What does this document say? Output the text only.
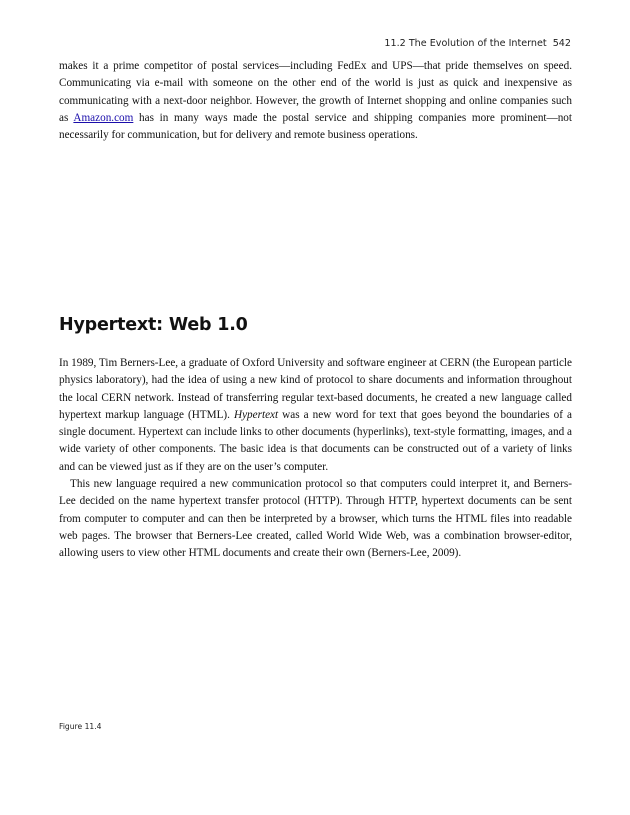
11.2 The Evolution of the Internet 542

makes it a prime competitor of postal services—including FedEx and UPS—that pride themselves on speed. Communicating via e-mail with someone on the other end of the world is just as quick and inexpensive as communicating with a next-door neighbor. However, the growth of Internet shopping and online companies such as Amazon.com has in many ways made the postal service and shipping companies more prominent—not necessarily for communication, but for delivery and remote business operations.

Hypertext: Web 1.0

In 1989, Tim Berners-Lee, a graduate of Oxford University and software engineer at CERN (the European particle physics laboratory), had the idea of using a new kind of protocol to share documents and information throughout the local CERN network. Instead of transferring regular text-based documents, he created a new language called hypertext markup language (HTML). Hypertext was a new word for text that goes beyond the boundaries of a single document. Hypertext can include links to other documents (hyperlinks), text-style formatting, images, and a wide variety of other components. The basic idea is that documents can be constructed out of a variety of links and can be viewed just as if they are on the user’s computer.

This new language required a new communication protocol so that computers could interpret it, and Berners-Lee decided on the name hypertext transfer protocol (HTTP). Through HTTP, hypertext documents can be sent from computer to computer and can then be interpreted by a browser, which turns the HTML files into readable web pages. The browser that Berners-Lee created, called World Wide Web, was a combination browser-editor, allowing users to view other HTML documents and create their own (Berners-Lee, 2009).

Figure 11.4
